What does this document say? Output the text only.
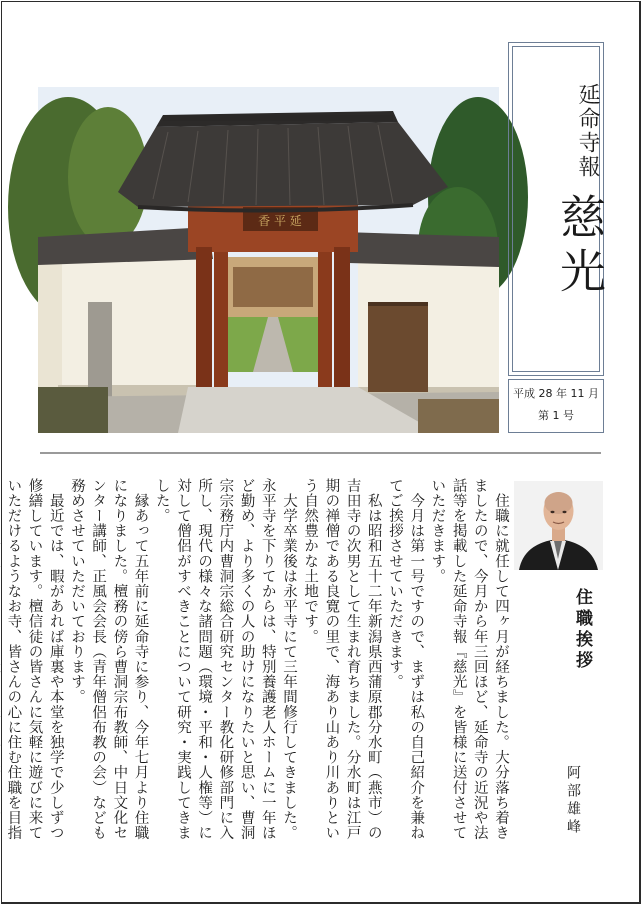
香 平 延
延命寺報
慈光
平成 28 年 11 月
第 1 号
住職挨拶
阿部雄峰

　住職に就任して四ヶ月が経ちました。大分落ち着きましたので、今月から年三回ほど、延命寺の近況や法話等を掲載した延命寺報『慈光』を皆様に送付させていただきます。

　今月は第一号ですので、まずは私の自己紹介を兼ねてご挨拶させていただきます。

　私は昭和五十二年新潟県西蒲原郡分水町（燕市）の吉田寺の次男として生まれ育ちました。分水町は江戸期の禅僧である良寛の里で、海あり山あり川ありという自然豊かな土地です。

　大学卒業後は永平寺にて三年間修行してきました。永平寺を下りてからは、特別養護老人ホームに一年ほど勤め、より多くの人の助けになりたいと思い、曹洞宗宗務庁内曹洞宗総合研究センター教化研修部門に入所し、現代の様々な諸問題（環境・平和・人権等）に対して僧侶がすべきことについて研究・実践してきました。

　縁あって五年前に延命寺に参り、今年七月より住職になりました。檀務の傍ら曹洞宗布教師、中日文化センター講師、正風会会長（青年僧侶布教の会）なども務めさせていただいております。

　最近では、暇があれば庫裏や本堂を独学で少しずつ修繕しています。檀信徒の皆さんに気軽に遊びに来ていただけるようなお寺、皆さんの心に住む住職を目指
